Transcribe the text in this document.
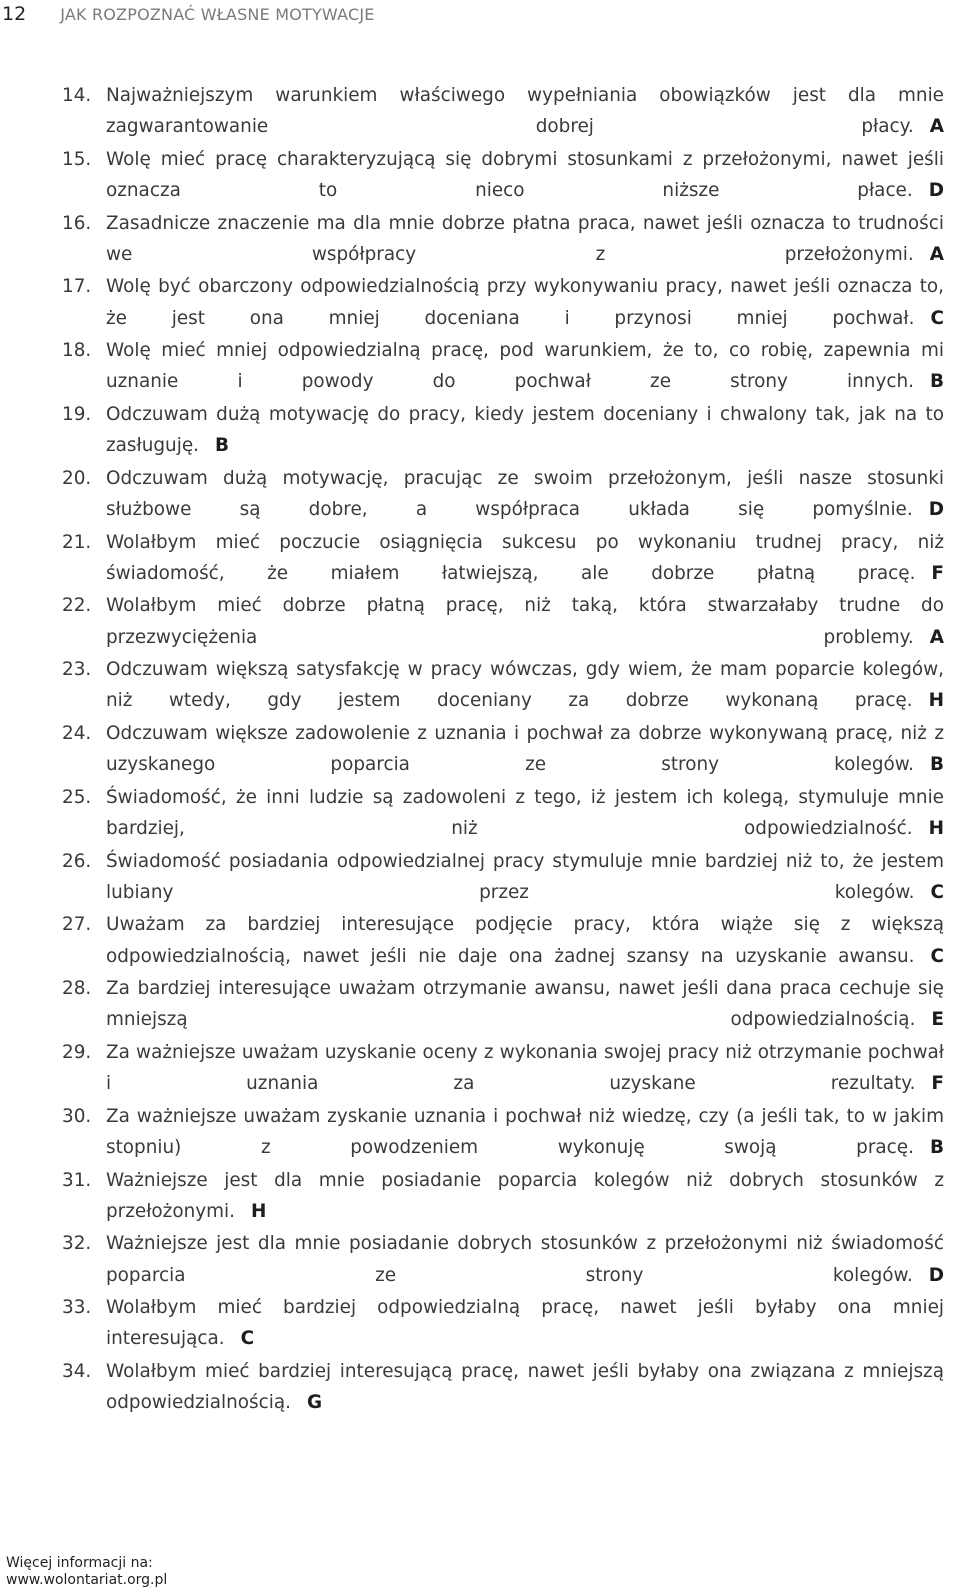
12 JAK ROZPOZNAĆ WŁASNE MOTYWACJE
14. Najważniejszym warunkiem właściwego wypełniania obowiązków jest dla mnie zagwarantowanie dobrej płacy. A
15. Wolę mieć pracę charakteryzującą się dobrymi stosunkami z przełożonymi, nawet jeśli oznacza to nieco niższe płace. D
16. Zasadnicze znaczenie ma dla mnie dobrze płatna praca, nawet jeśli oznacza to trudności we współpracy z przełożonymi. A
17. Wolę być obarczony odpowiedzialnością przy wykonywaniu pracy, nawet jeśli oznacza to, że jest ona mniej doceniana i przynosi mniej pochwał. C
18. Wolę mieć mniej odpowiedzialną pracę, pod warunkiem, że to, co robię, zapewnia mi uznanie i powody do pochwał ze strony innych. B
19. Odczuwam dużą motywację do pracy, kiedy jestem doceniany i chwalony tak, jak na to zasługuję. B
20. Odczuwam dużą motywację, pracując ze swoim przełożonym, jeśli nasze stosunki służbowe są dobre, a współpraca układa się pomyślnie. D
21. Wolałbym mieć poczucie osiągnięcia sukcesu po wykonaniu trudnej pracy, niż świadomość, że miałem łatwiejszą, ale dobrze płatną pracę. F
22. Wolałbym mieć dobrze płatną pracę, niż taką, która stwarzałaby trudne do przezwyciężenia problemy. A
23. Odczuwam większą satysfakcję w pracy wówczas, gdy wiem, że mam poparcie kolegów, niż wtedy, gdy jestem doceniany za dobrze wykonaną pracę. H
24. Odczuwam większe zadowolenie z uznania i pochwał za dobrze wykonywaną pracę, niż z uzyskanego poparcia ze strony kolegów. B
25. Świadomość, że inni ludzie są zadowoleni z tego, iż jestem ich kolegą, stymuluje mnie bardziej, niż odpowiedzialność. H
26. Świadomość posiadania odpowiedzialnej pracy stymuluje mnie bardziej niż to, że jestem lubiany przez kolegów. C
27. Uważam za bardziej interesujące podjęcie pracy, która wiąże się z większą odpowiedzialnością, nawet jeśli nie daje ona żadnej szansy na uzyskanie awansu. C
28. Za bardziej interesujące uważam otrzymanie awansu, nawet jeśli dana praca cechuje się mniejszą odpowiedzialnością. E
29. Za ważniejsze uważam uzyskanie oceny z wykonania swojej pracy niż otrzymanie pochwał i uznania za uzyskane rezultaty. F
30. Za ważniejsze uważam zyskanie uznania i pochwał niż wiedzę, czy (a jeśli tak, to w jakim stopniu) z powodzeniem wykonuję swoją pracę. B
31. Ważniejsze jest dla mnie posiadanie poparcia kolegów niż dobrych stosunków z przełożonymi. H
32. Ważniejsze jest dla mnie posiadanie dobrych stosunków z przełożonymi niż świadomość poparcia ze strony kolegów. D
33. Wolałbym mieć bardziej odpowiedzialną pracę, nawet jeśli byłaby ona mniej interesująca. C
34. Wolałbym mieć bardziej interesującą pracę, nawet jeśli byłaby ona związana z mniejszą odpowiedzialnością. G
Więcej informacji na:
www.wolontariat.org.pl
